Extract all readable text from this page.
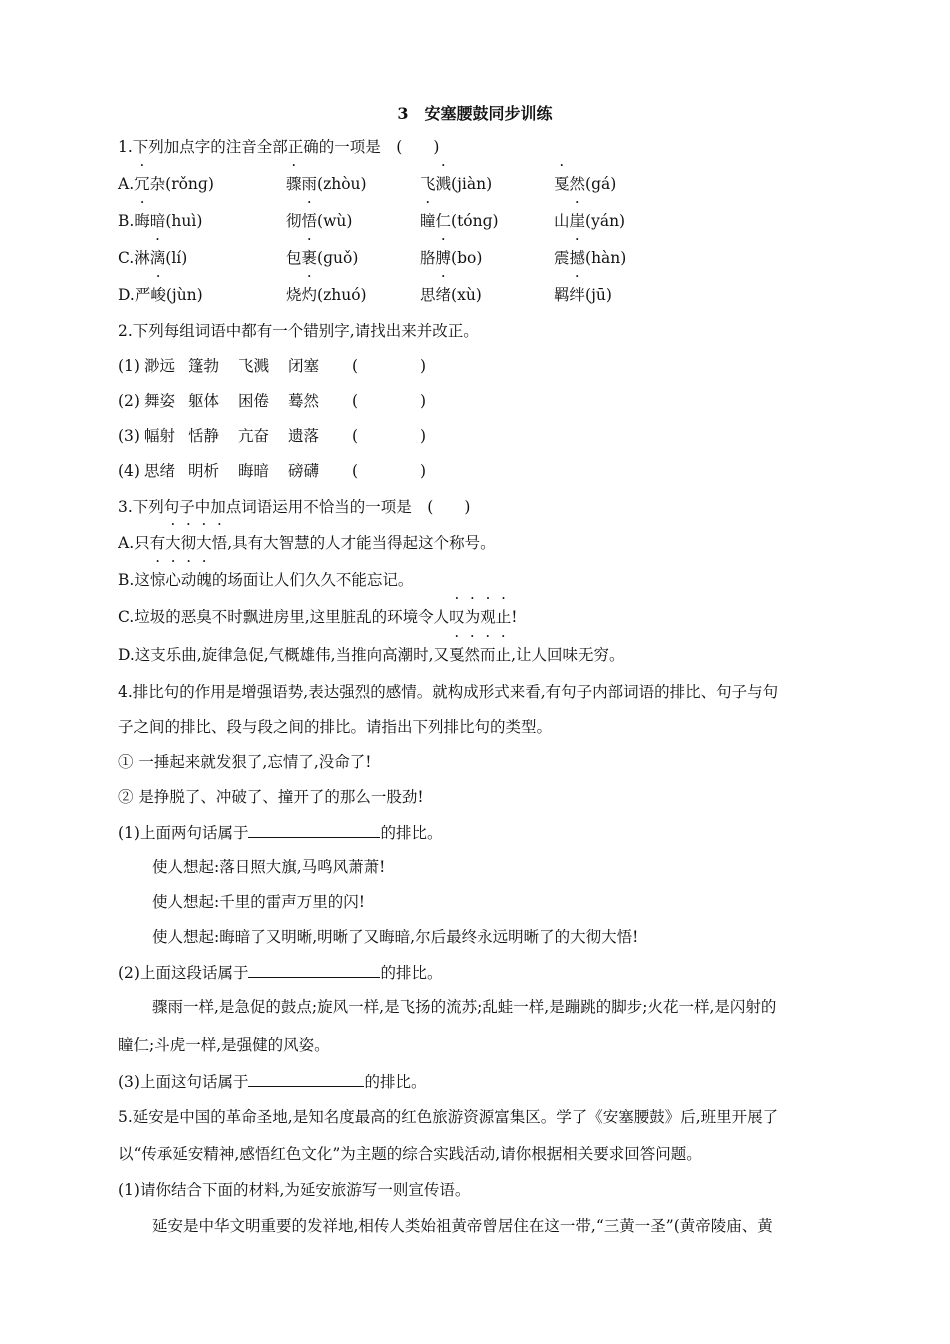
3　安塞腰鼓同步训练
1.下列加点字的注音全部正确的一项是　(　　)
A.冗杂(rǒnɡ)	骤雨(zhòu)	飞溅(jiàn)	戛然(gá)
B.晦暗(huì)	彻悟(wù)	瞳仁(tónɡ)	山崖(yán)
C.淋漓(lí)	包裹(ɡuǒ)	胳膊(bo)	震撼(hàn)
D.严峻(jùn)	烧灼(zhuó)	思绪(xù)	羁绊(jū)
2.下列每组词语中都有一个错别字,请找出来并改正。
(1) 渺远 篷勃 飞溅 闭塞 (　　　　)
(2) 舞姿 躯体 困倦 蓦然 (　　　　)
(3) 幅射 恬静 亢奋 遗落 (　　　　)
(4) 思绪 明析 晦暗 磅礴 (　　　　)
3.下列句子中加点词语运用不恰当的一项是　(　　)
A.只有大彻大悟,具有大智慧的人才能当得起这个称号。
B.这惊心动魄的场面让人们久久不能忘记。
C.垃圾的恶臭不时飘进房里,这里脏乱的环境令人叹为观止!
D.这支乐曲,旋律急促,气概雄伟,当推向高潮时,又戛然而止,让人回味无穷。
4.排比句的作用是增强语势,表达强烈的感情。就构成形式来看,有句子内部词语的排比、句子与句
子之间的排比、段与段之间的排比。请指出下列排比句的类型。
① 一捶起来就发狠了,忘情了,没命了!
② 是挣脱了、冲破了、撞开了的那么一股劲!
(1)上面两句话属于	的排比。
使人想起:落日照大旗,马鸣风萧萧!
使人想起:千里的雷声万里的闪!
使人想起:晦暗了又明晰,明晰了又晦暗,尔后最终永远明晰了的大彻大悟!
(2)上面这段话属于	的排比。
骤雨一样,是急促的鼓点;旋风一样,是飞扬的流苏;乱蛙一样,是蹦跳的脚步;火花一样,是闪射的
瞳仁;斗虎一样,是强健的风姿。
(3)上面这句话属于	的排比。
5.延安是中国的革命圣地,是知名度最高的红色旅游资源富集区。学了《安塞腰鼓》后,班里开展了
以“传承延安精神,感悟红色文化”为主题的综合实践活动,请你根据相关要求回答问题。
(1)请你结合下面的材料,为延安旅游写一则宣传语。
延安是中华文明重要的发祥地,相传人类始祖黄帝曾居住在这一带,“三黄一圣”(黄帝陵庙、黄
